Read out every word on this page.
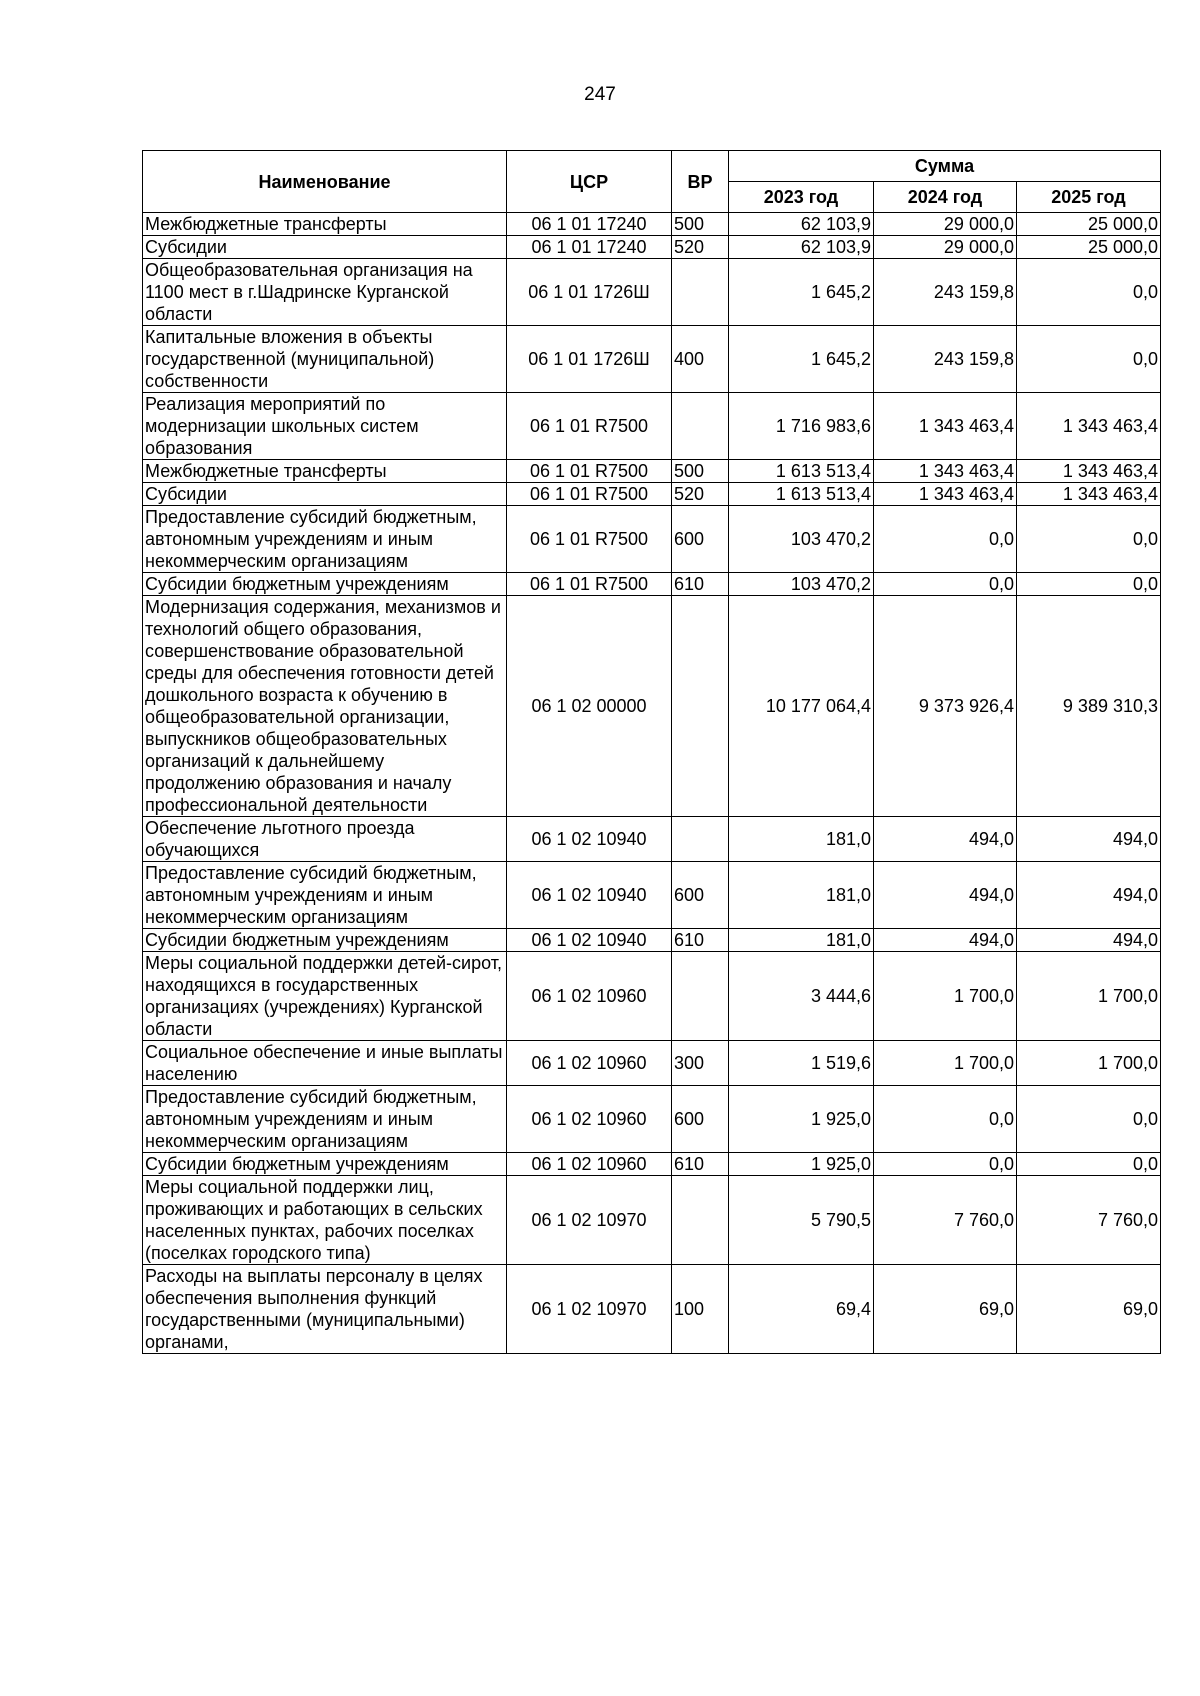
247
Наименование	ЦСР	ВР	Сумма		
			2023 год	2024 год	2025 год
Межбюджетные трансферты	06 1 01 17240	500	62 103,9	29 000,0	25 000,0
Субсидии	06 1 01 17240	520	62 103,9	29 000,0	25 000,0
Общеобразовательная организация на 1100 мест в г.Шадринске Курганской области	06 1 01 1726Ш		1 645,2	243 159,8	0,0
Капитальные вложения в объекты государственной (муниципальной) собственности	06 1 01 1726Ш	400	1 645,2	243 159,8	0,0
Реализация мероприятий по модернизации школьных систем образования	06 1 01 R7500		1 716 983,6	1 343 463,4	1 343 463,4
Межбюджетные трансферты	06 1 01 R7500	500	1 613 513,4	1 343 463,4	1 343 463,4
Субсидии	06 1 01 R7500	520	1 613 513,4	1 343 463,4	1 343 463,4
Предоставление субсидий бюджетным, автономным учреждениям и иным некоммерческим организациям	06 1 01 R7500	600	103 470,2	0,0	0,0
Субсидии бюджетным учреждениям	06 1 01 R7500	610	103 470,2	0,0	0,0
Модернизация содержания, механизмов и технологий общего образования, совершенствование образовательной среды для обеспечения готовности детей дошкольного возраста к обучению в общеобразовательной организации, выпускников общеобразовательных организаций к дальнейшему продолжению образования и началу профессиональной деятельности	06 1 02 00000		10 177 064,4	9 373 926,4	9 389 310,3
Обеспечение льготного проезда обучающихся	06 1 02 10940		181,0	494,0	494,0
Предоставление субсидий бюджетным, автономным учреждениям и иным некоммерческим организациям	06 1 02 10940	600	181,0	494,0	494,0
Субсидии бюджетным учреждениям	06 1 02 10940	610	181,0	494,0	494,0
Меры социальной поддержки детей-сирот, находящихся в государственных организациях (учреждениях) Курганской области	06 1 02 10960		3 444,6	1 700,0	1 700,0
Социальное обеспечение и иные выплаты населению	06 1 02 10960	300	1 519,6	1 700,0	1 700,0
Предоставление субсидий бюджетным, автономным учреждениям и иным некоммерческим организациям	06 1 02 10960	600	1 925,0	0,0	0,0
Субсидии бюджетным учреждениям	06 1 02 10960	610	1 925,0	0,0	0,0
Меры социальной поддержки лиц, проживающих и работающих в сельских населенных пунктах, рабочих поселках (поселках городского типа)	06 1 02 10970		5 790,5	7 760,0	7 760,0
Расходы на выплаты персоналу в целях обеспечения выполнения функций государственными (муниципальными) органами,	06 1 02 10970	100	69,4	69,0	69,0
